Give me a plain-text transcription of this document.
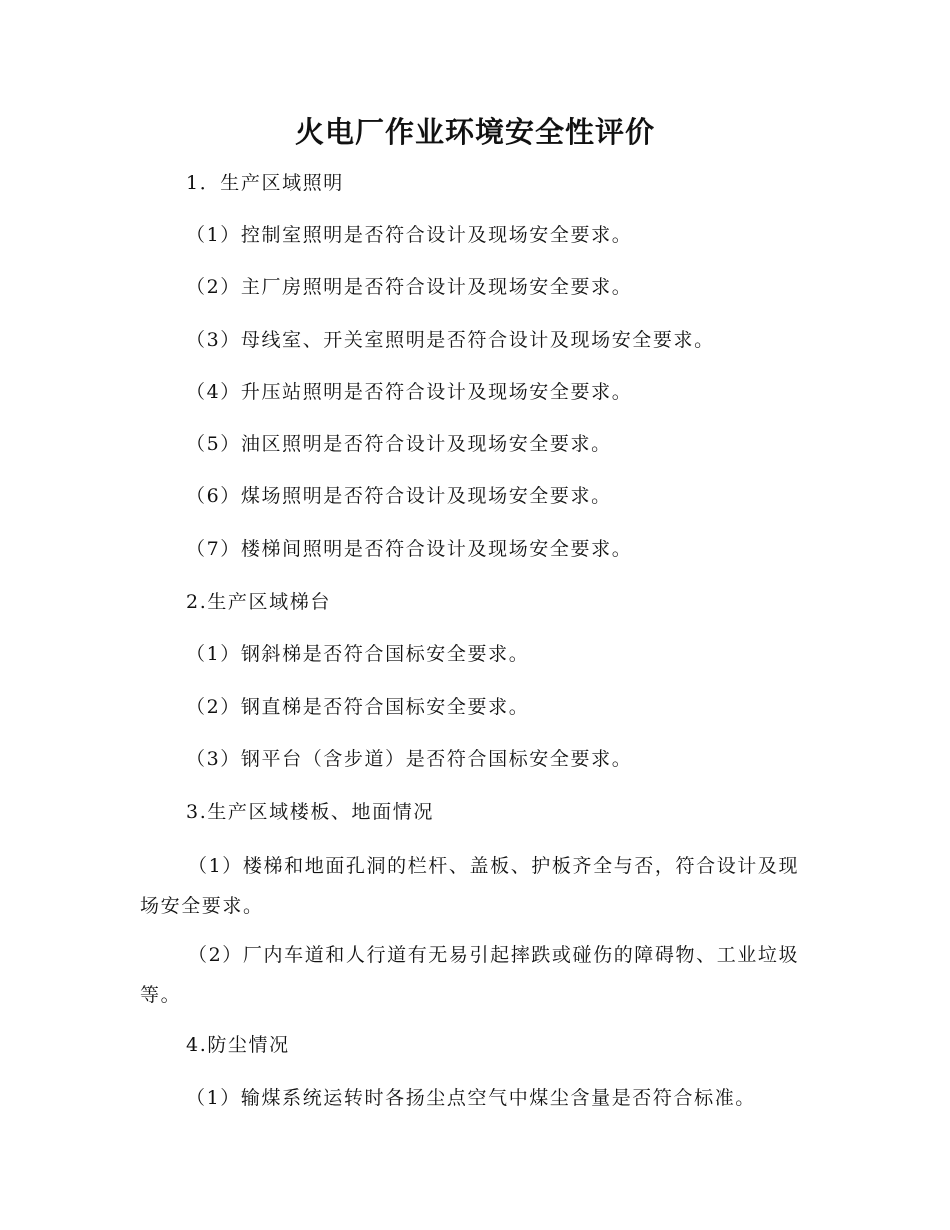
火电厂作业环境安全性评价
1．生产区域照明
（1）控制室照明是否符合设计及现场安全要求。
（2）主厂房照明是否符合设计及现场安全要求。
（3）母线室、开关室照明是否符合设计及现场安全要求。
（4）升压站照明是否符合设计及现场安全要求。
（5）油区照明是否符合设计及现场安全要求。
（6）煤场照明是否符合设计及现场安全要求。
（7）楼梯间照明是否符合设计及现场安全要求。
2.生产区域梯台
（1）钢斜梯是否符合国标安全要求。
（2）钢直梯是否符合国标安全要求。
（3）钢平台（含步道）是否符合国标安全要求。
3.生产区域楼板、地面情况
（1）楼梯和地面孔洞的栏杆、盖板、护板齐全与否，符合设计及现场安全要求。
（2）厂内车道和人行道有无易引起摔跌或碰伤的障碍物、工业垃圾等。
4.防尘情况
（1）输煤系统运转时各扬尘点空气中煤尘含量是否符合标准。
